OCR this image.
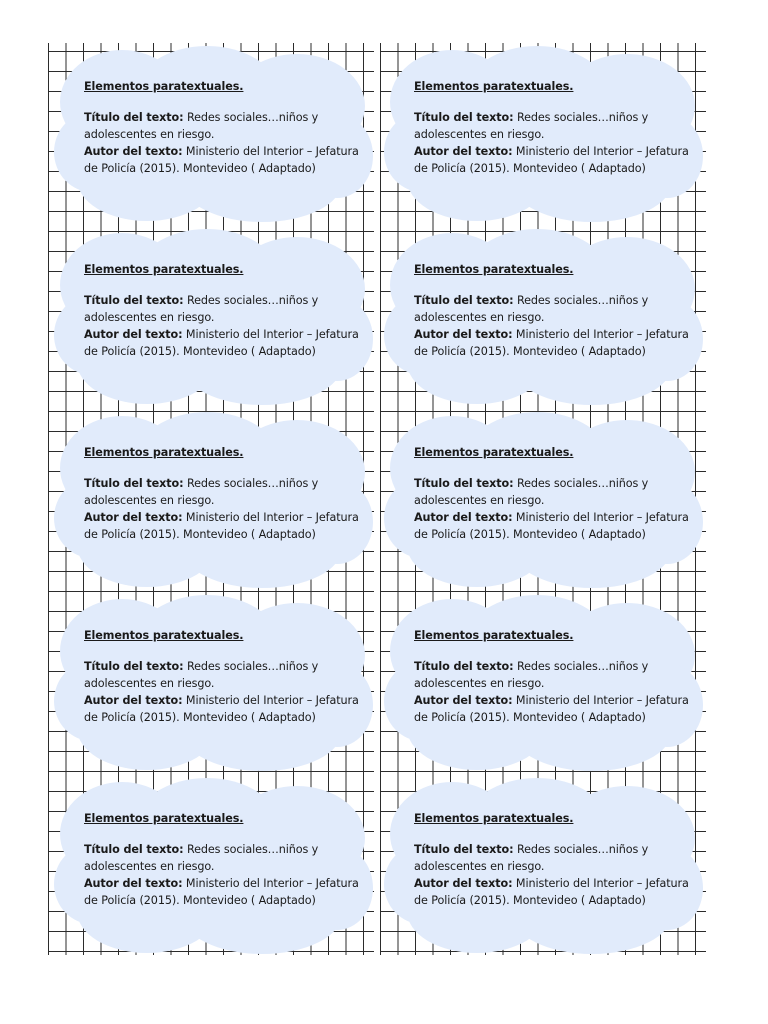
Elementos paratextuales.

Título del texto: Redes sociales…niños y adolescentes en riesgo.

Autor del texto: Ministerio del Interior – Jefatura de Policía (2015). Montevideo ( Adaptado)

Elementos paratextuales.

Título del texto: Redes sociales…niños y adolescentes en riesgo.

Autor del texto: Ministerio del Interior – Jefatura de Policía (2015). Montevideo ( Adaptado)

Elementos paratextuales.

Título del texto: Redes sociales…niños y adolescentes en riesgo.

Autor del texto: Ministerio del Interior – Jefatura de Policía (2015). Montevideo ( Adaptado)

Elementos paratextuales.

Título del texto: Redes sociales…niños y adolescentes en riesgo.

Autor del texto: Ministerio del Interior – Jefatura de Policía (2015). Montevideo ( Adaptado)

Elementos paratextuales.

Título del texto: Redes sociales…niños y adolescentes en riesgo.

Autor del texto: Ministerio del Interior – Jefatura de Policía (2015). Montevideo ( Adaptado)

Elementos paratextuales.

Título del texto: Redes sociales…niños y adolescentes en riesgo.

Autor del texto: Ministerio del Interior – Jefatura de Policía (2015). Montevideo ( Adaptado)

Elementos paratextuales.

Título del texto: Redes sociales…niños y adolescentes en riesgo.

Autor del texto: Ministerio del Interior – Jefatura de Policía (2015). Montevideo ( Adaptado)

Elementos paratextuales.

Título del texto: Redes sociales…niños y adolescentes en riesgo.

Autor del texto: Ministerio del Interior – Jefatura de Policía (2015). Montevideo ( Adaptado)

Elementos paratextuales.

Título del texto: Redes sociales…niños y adolescentes en riesgo.

Autor del texto: Ministerio del Interior – Jefatura de Policía (2015). Montevideo ( Adaptado)

Elementos paratextuales.

Título del texto: Redes sociales…niños y adolescentes en riesgo.

Autor del texto: Ministerio del Interior – Jefatura de Policía (2015). Montevideo ( Adaptado)
